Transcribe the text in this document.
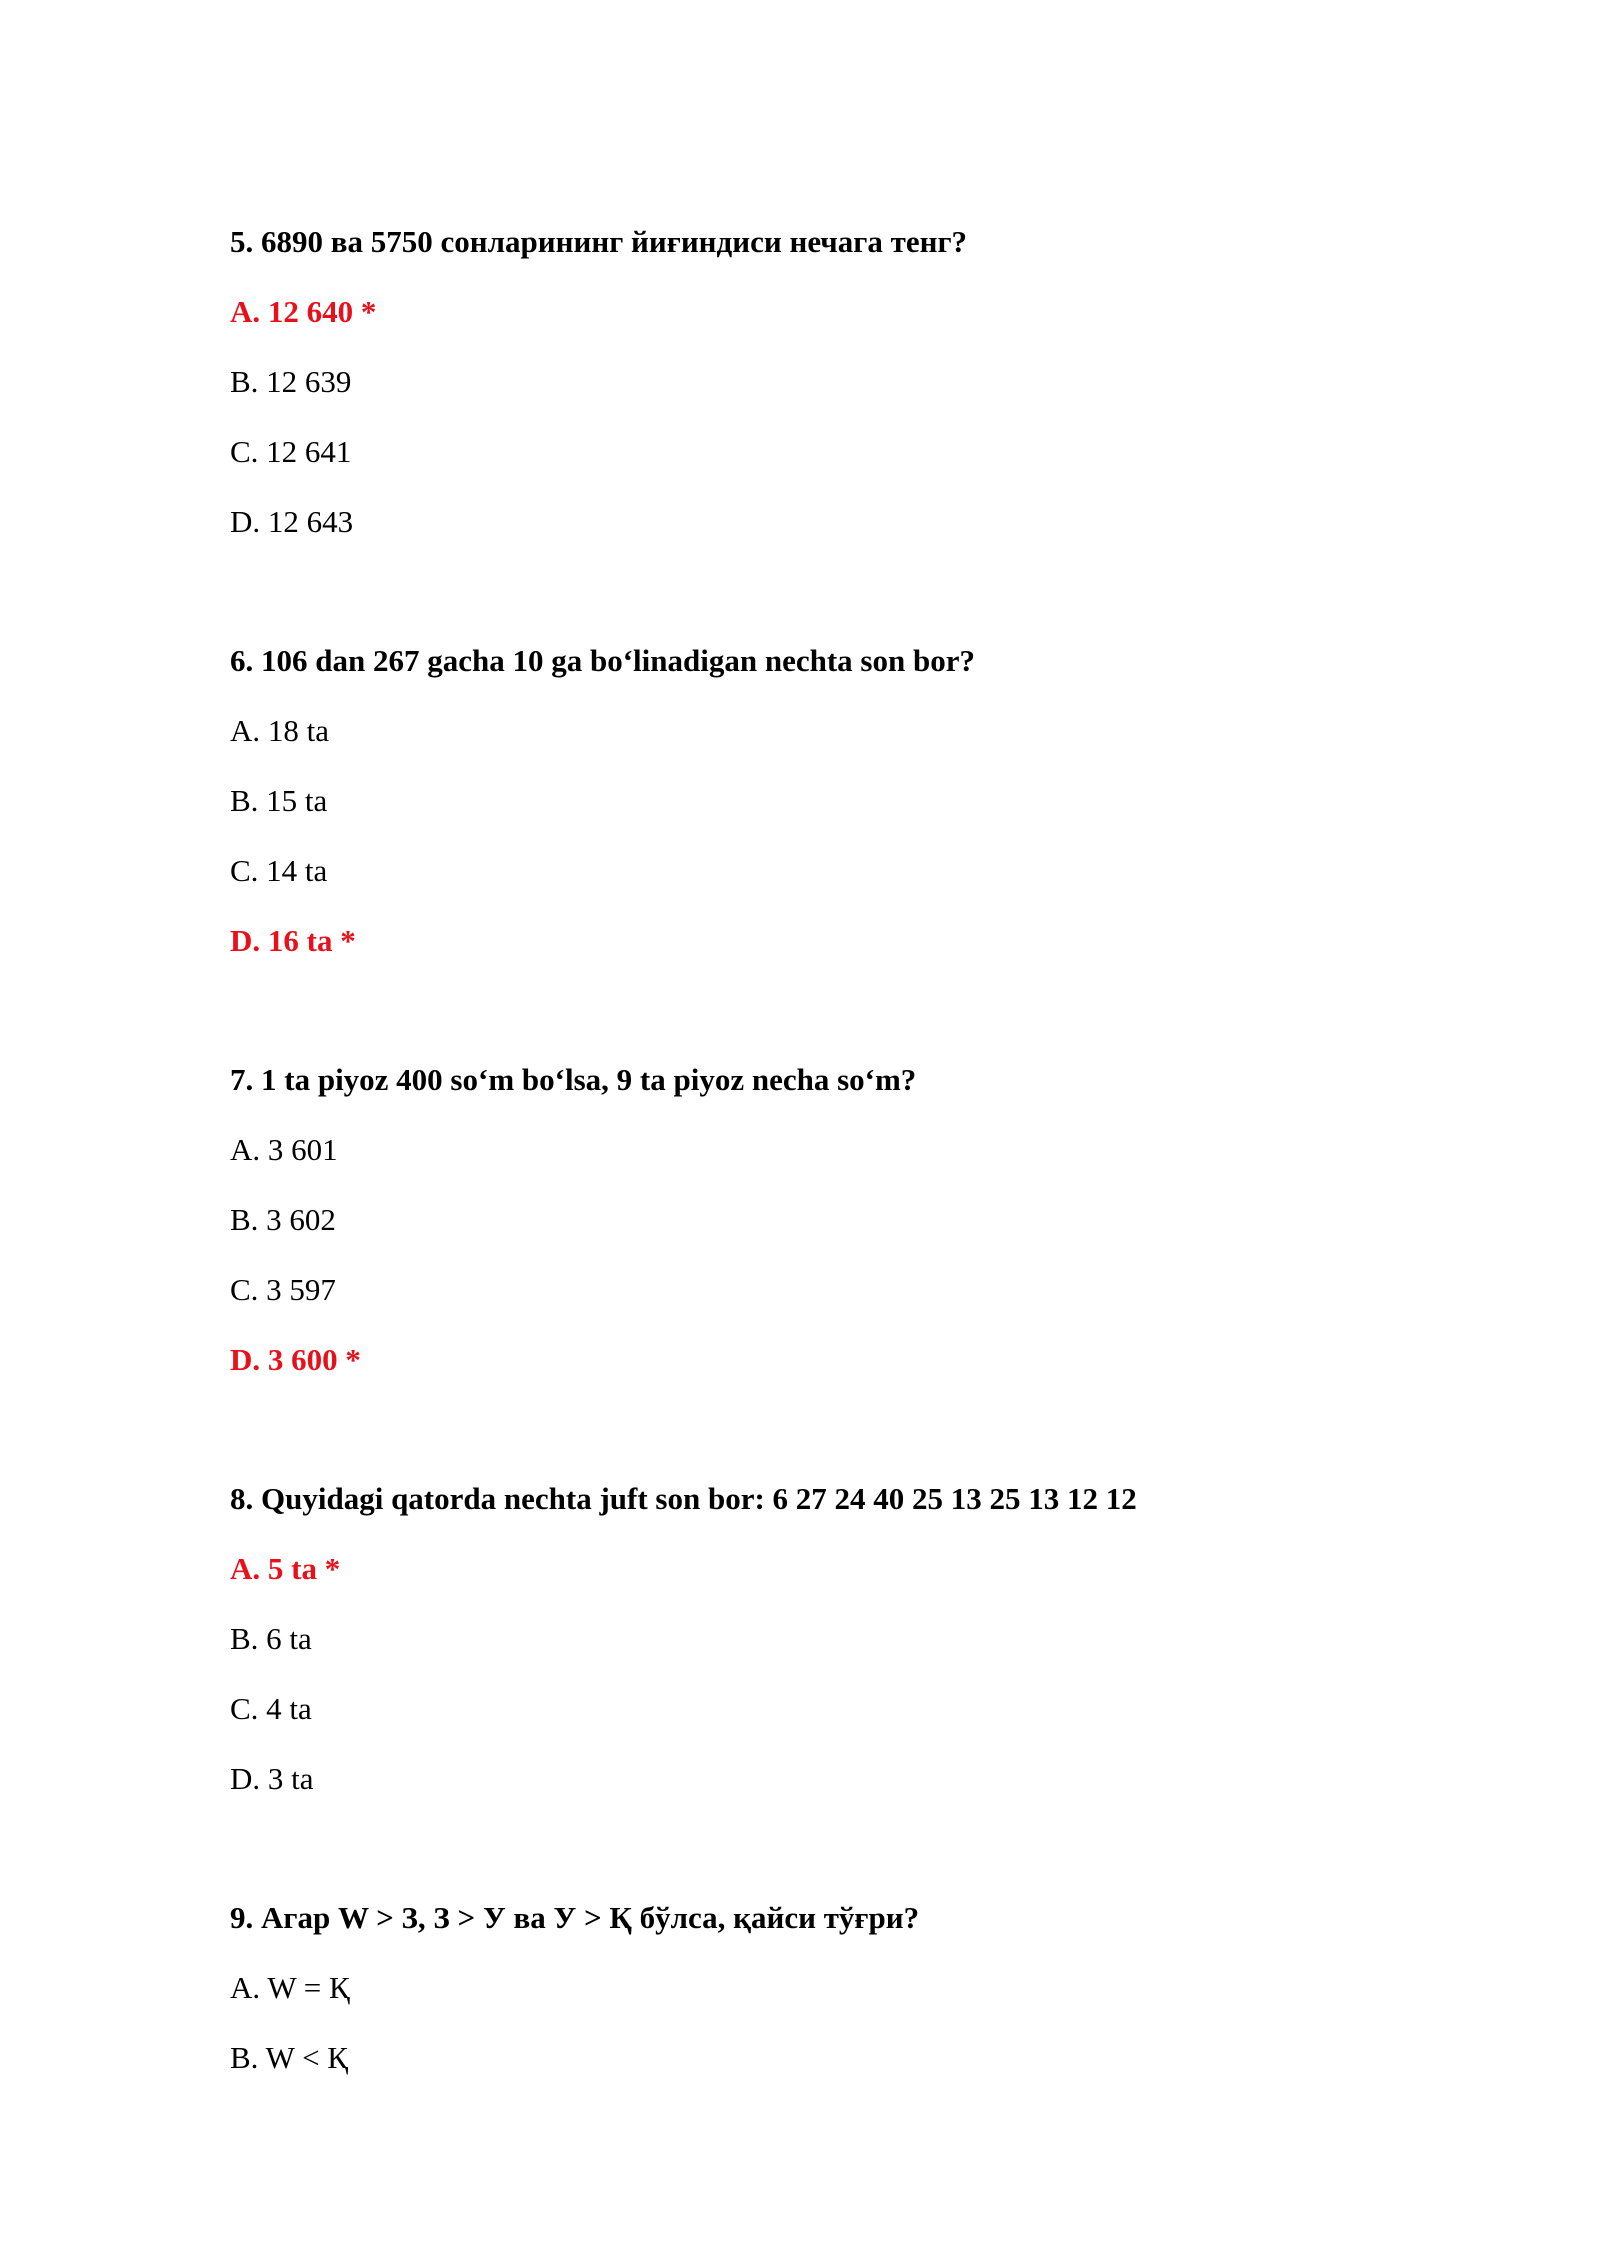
5. 6890 ва 5750 сонларининг йиғиндиси нечага тенг?
A. 12 640 *
B. 12 639
C. 12 641
D. 12 643
6. 106 dan 267 gacha 10 ga bo‘linadigan nechta son bor?
A. 18 ta
B. 15 ta
C. 14 ta
D. 16 ta *
7. 1 ta piyoz 400 so‘m bo‘lsa, 9 ta piyoz necha so‘m?
A. 3 601
B. 3 602
C. 3 597
D. 3 600 *
8. Quyidagi qatorda nechta juft son bor: 6 27 24 40 25 13 25 13 12 12
A. 5 ta *
B. 6 ta
C. 4 ta
D. 3 ta
9. Агар W > З, З > У ва У > Қ бўлса, қайси тўғри?
A. W = Қ
B. W < Қ
